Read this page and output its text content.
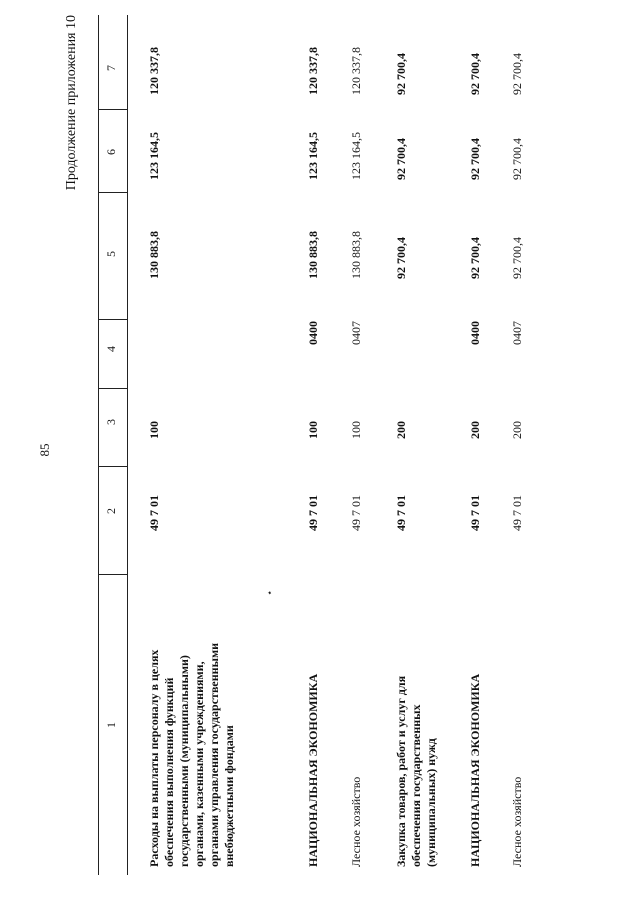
85
Продолжение приложения 10
1
2
3
4
5
6
7
Расходы на выплаты персоналу в целях обеспечения выполнения функций государственными (муниципальными) органами, казенными учреждениями, органами управления государственными внебюджетными фондами
49 7 01
100
130 883,8
123 164,5
120 337,8
٭
НАЦИОНАЛЬНАЯ ЭКОНОМИКА
49 7 01
100
0400
130 883,8
123 164,5
120 337,8
Лесное хозяйство
49 7 01
100
0407
130 883,8
123 164,5
120 337,8
Закупка товаров, работ и услуг для обеспечения государственных (муниципальных) нужд
49 7 01
200
92 700,4
92 700,4
92 700,4
НАЦИОНАЛЬНАЯ ЭКОНОМИКА
49 7 01
200
0400
92 700,4
92 700,4
92 700,4
Лесное хозяйство
49 7 01
200
0407
92 700,4
92 700,4
92 700,4
